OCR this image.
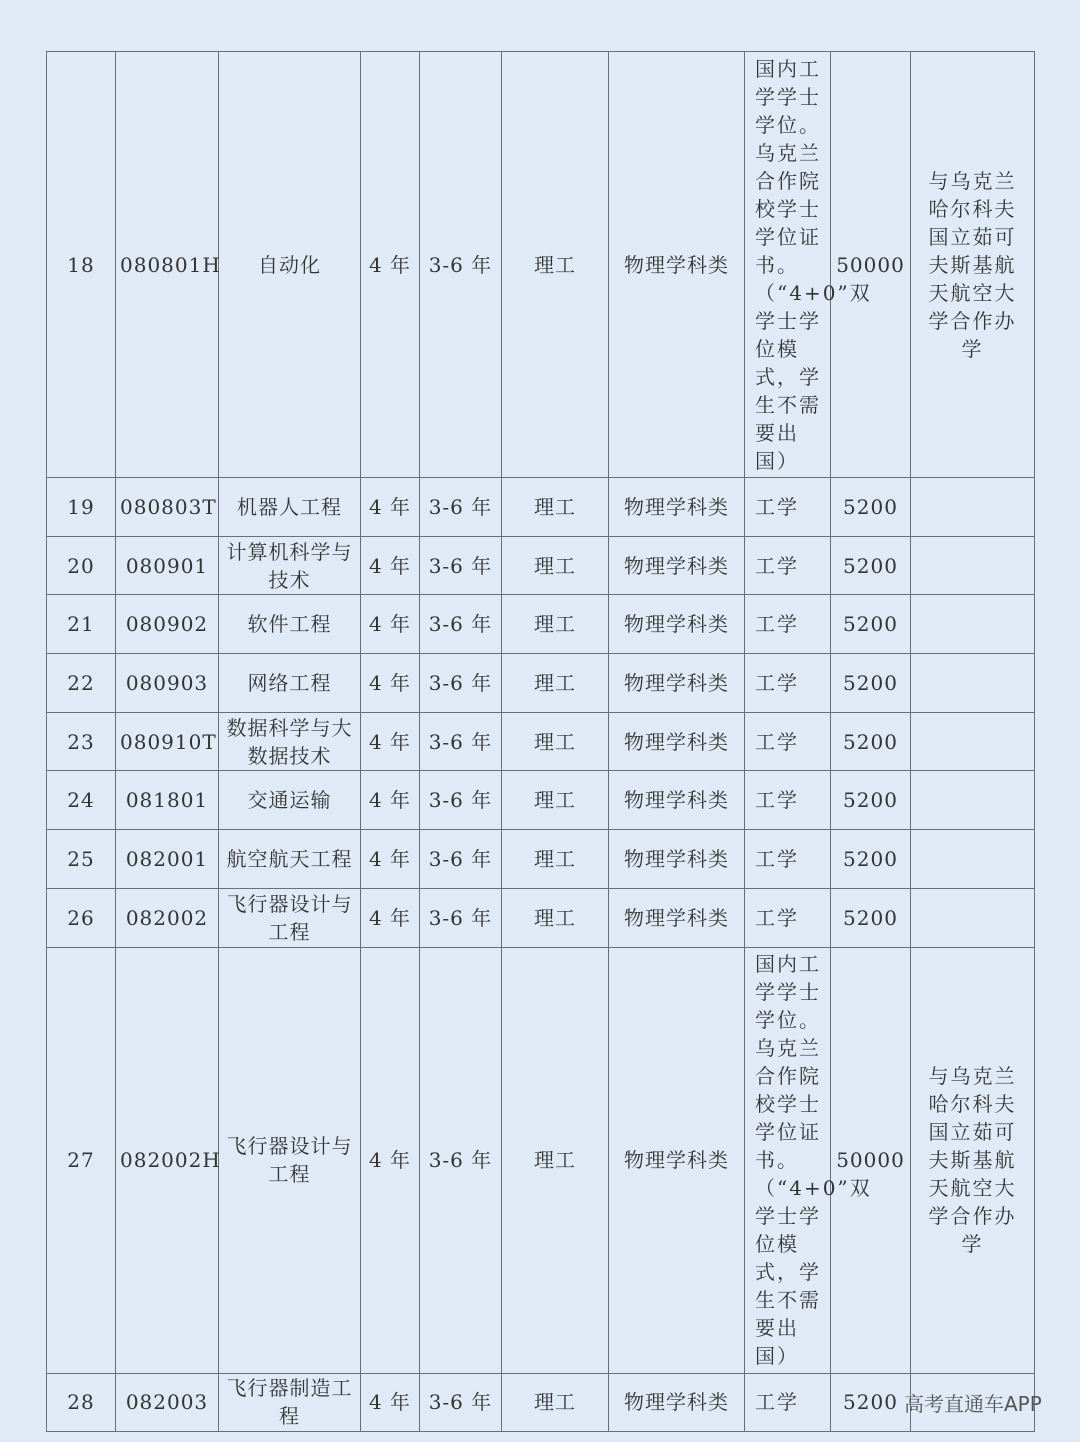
18	080801H	自动化	4 年	3-6 年	理工	物理学科类	国内工学学士学位。乌克兰合作院校学士学位证书。（“4+0”双学士学位模式，学生不需要出国）	50000	与乌克兰哈尔科夫国立茹可夫斯基航天航空大学合作办学
19	080803T	机器人工程	4 年	3-6 年	理工	物理学科类	工学	5200	
20	080901	计算机科学与技术	4 年	3-6 年	理工	物理学科类	工学	5200	
21	080902	软件工程	4 年	3-6 年	理工	物理学科类	工学	5200	
22	080903	网络工程	4 年	3-6 年	理工	物理学科类	工学	5200	
23	080910T	数据科学与大数据技术	4 年	3-6 年	理工	物理学科类	工学	5200	
24	081801	交通运输	4 年	3-6 年	理工	物理学科类	工学	5200	
25	082001	航空航天工程	4 年	3-6 年	理工	物理学科类	工学	5200	
26	082002	飞行器设计与工程	4 年	3-6 年	理工	物理学科类	工学	5200	
27	082002H	飞行器设计与工程	4 年	3-6 年	理工	物理学科类	国内工学学士学位。乌克兰合作院校学士学位证书。（“4+0”双学士学位模式，学生不需要出国）	50000	与乌克兰哈尔科夫国立茹可夫斯基航天航空大学合作办学
28	082003	飞行器制造工程	4 年	3-6 年	理工	物理学科类	工学	5200	高考直通车APP
